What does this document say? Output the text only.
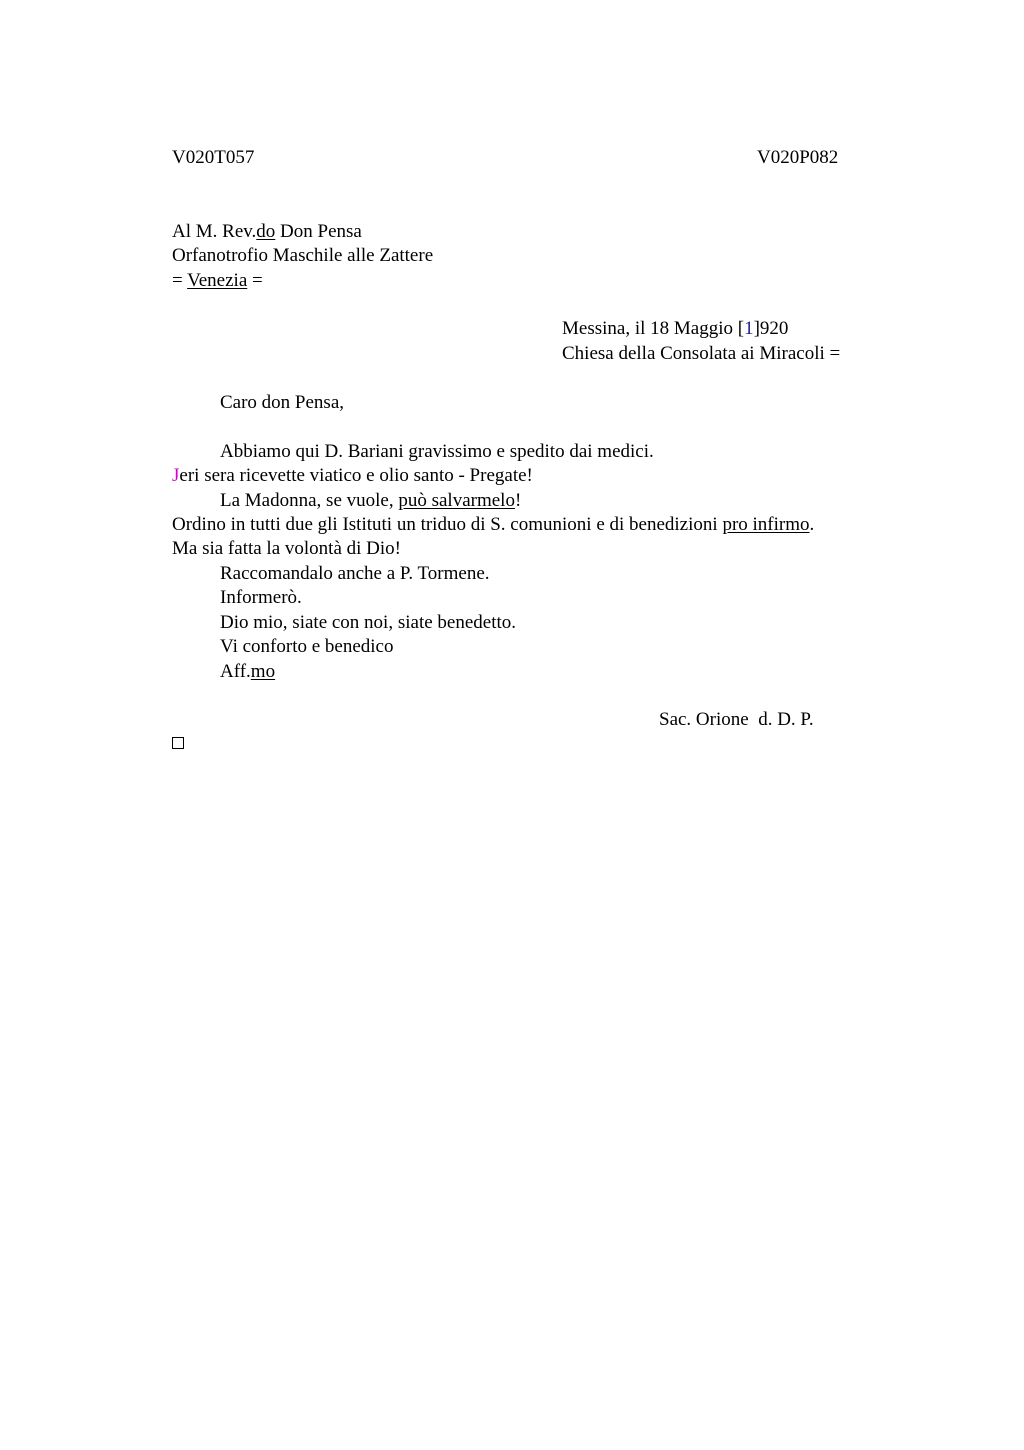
V020T057	V020P082
Al M. Rev.do Don Pensa
Orfanotrofio Maschile alle Zattere
= Venezia =
Messina, il 18 Maggio [1]920
Chiesa della Consolata ai Miracoli =
Caro don Pensa,
Abbiamo qui D. Bariani gravissimo e spedito dai medici.
Jeri sera ricevette viatico e olio santo - Pregate!
La Madonna, se vuole, può salvarmelo!
Ordino in tutti due gli Istituti un triduo di S. comunioni e di benedizioni pro infirmo.
Ma sia fatta la volontà di Dio!
Raccomandalo anche a P. Tormene.
Informerò.
Dio mio, siate con noi, siate benedetto.
Vi conforto e benedico
Aff.mo
Sac. Orione  d. D. P.
